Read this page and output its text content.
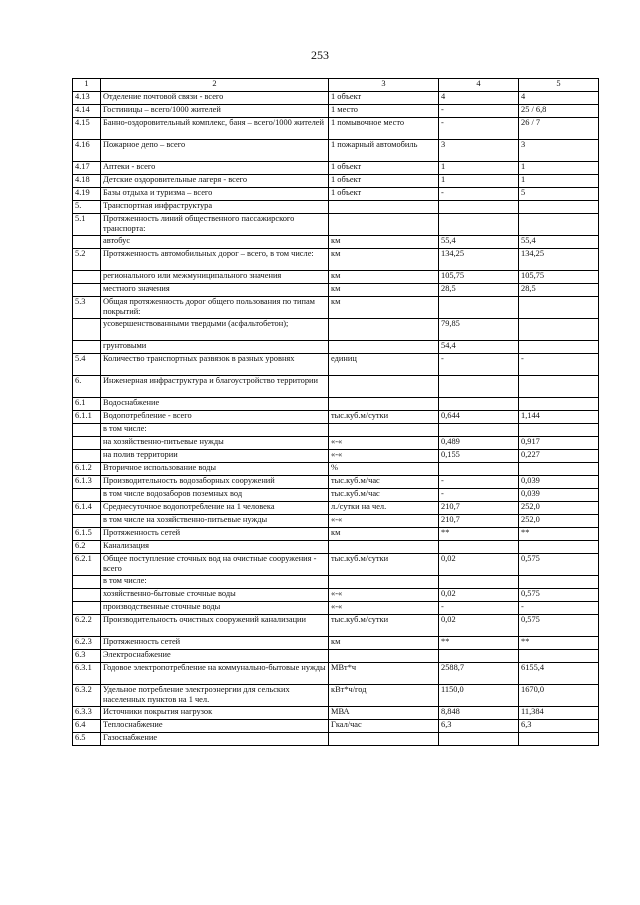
253
1	2	3	4	5
4.13	Отделение почтовой связи - всего	1 объект	4	4
4.14	Гостиницы – всего/1000 жителей	1 место	-	25 / 6,8
4.15	Банно-оздоровительный комплекс, баня – всего/1000 жителей	1 помывочное место	-	26 / 7
4.16	Пожарное депо – всего	1 пожарный автомобиль	3	3
4.17	Аптеки - всего	1 объект	1	1
4.18	Детские оздоровительные лагеря - всего	1 объект	1	1
4.19	Базы отдыха и туризма – всего	1 объект	-	5
5.	Транспортная инфраструктура			
5.1	Протяженность линий общественного пассажирского транспорта:			
	автобус	км	55,4	55,4
5.2	Протяженность автомобильных дорог – всего, в том числе:	км	134,25	134,25
	регионального или межмуниципального значения	км	105,75	105,75
	местного значения	км	28,5	28,5
5.3	Общая протяженность дорог общего пользования по типам покрытий:	км		
	усовершенствованными твердыми (асфальтобетон);		79,85	
	грунтовыми		54,4	
5.4	Количество транспортных развязок в разных уровнях	единиц	-	-
6.	Инженерная инфраструктура и благоустройство территории			
6.1	Водоснабжение			
6.1.1	Водопотребление - всего	тыс.куб.м/сутки	0,644	1,144
	в том числе:			
	на хозяйственно-питьевые нужды	«-«	0,489	0,917
	на полив территории	«-«	0,155	0,227
6.1.2	Вторичное использование воды	%		
6.1.3	Производительность водозаборных сооружений	тыс.куб.м/час	-	0,039
	в том числе водозаборов поземных вод	тыс.куб.м/час	-	0,039
6.1.4	Среднесуточное водопотребление на 1 человека	л./сутки на чел.	210,7	252,0
	в том числе на хозяйственно-питьевые нужды	«-«	210,7	252,0
6.1.5	Протяженность сетей	км	**	**
6.2	Канализация			
6.2.1	Общее поступление сточных вод на очистные сооружения - всего	тыс.куб.м/сутки	0,02	0,575
	в том числе:			
	хозяйственно-бытовые сточные воды	«-«	0,02	0,575
	производственные сточные воды	«-«	-	-
6.2.2	Производительность очистных сооружений канализации	тыс.куб.м/сутки	0,02	0,575
6.2.3	Протяженность сетей	км	**	**
6.3	Электроснабжение			
6.3.1	Годовое электропотребление на коммунально-бытовые нужды	МВт*ч	2588,7	6155,4
6.3.2	Удельное потребление электроэнергии для сельских населенных пунктов на 1 чел.	кВт*ч/год	1150,0	1670,0
6.3.3	Источники покрытия нагрузок	МВА	8,848	11,384
6.4	Теплоснабжение	Гкал/час	6,3	6,3
6.5	Газоснабжение			
